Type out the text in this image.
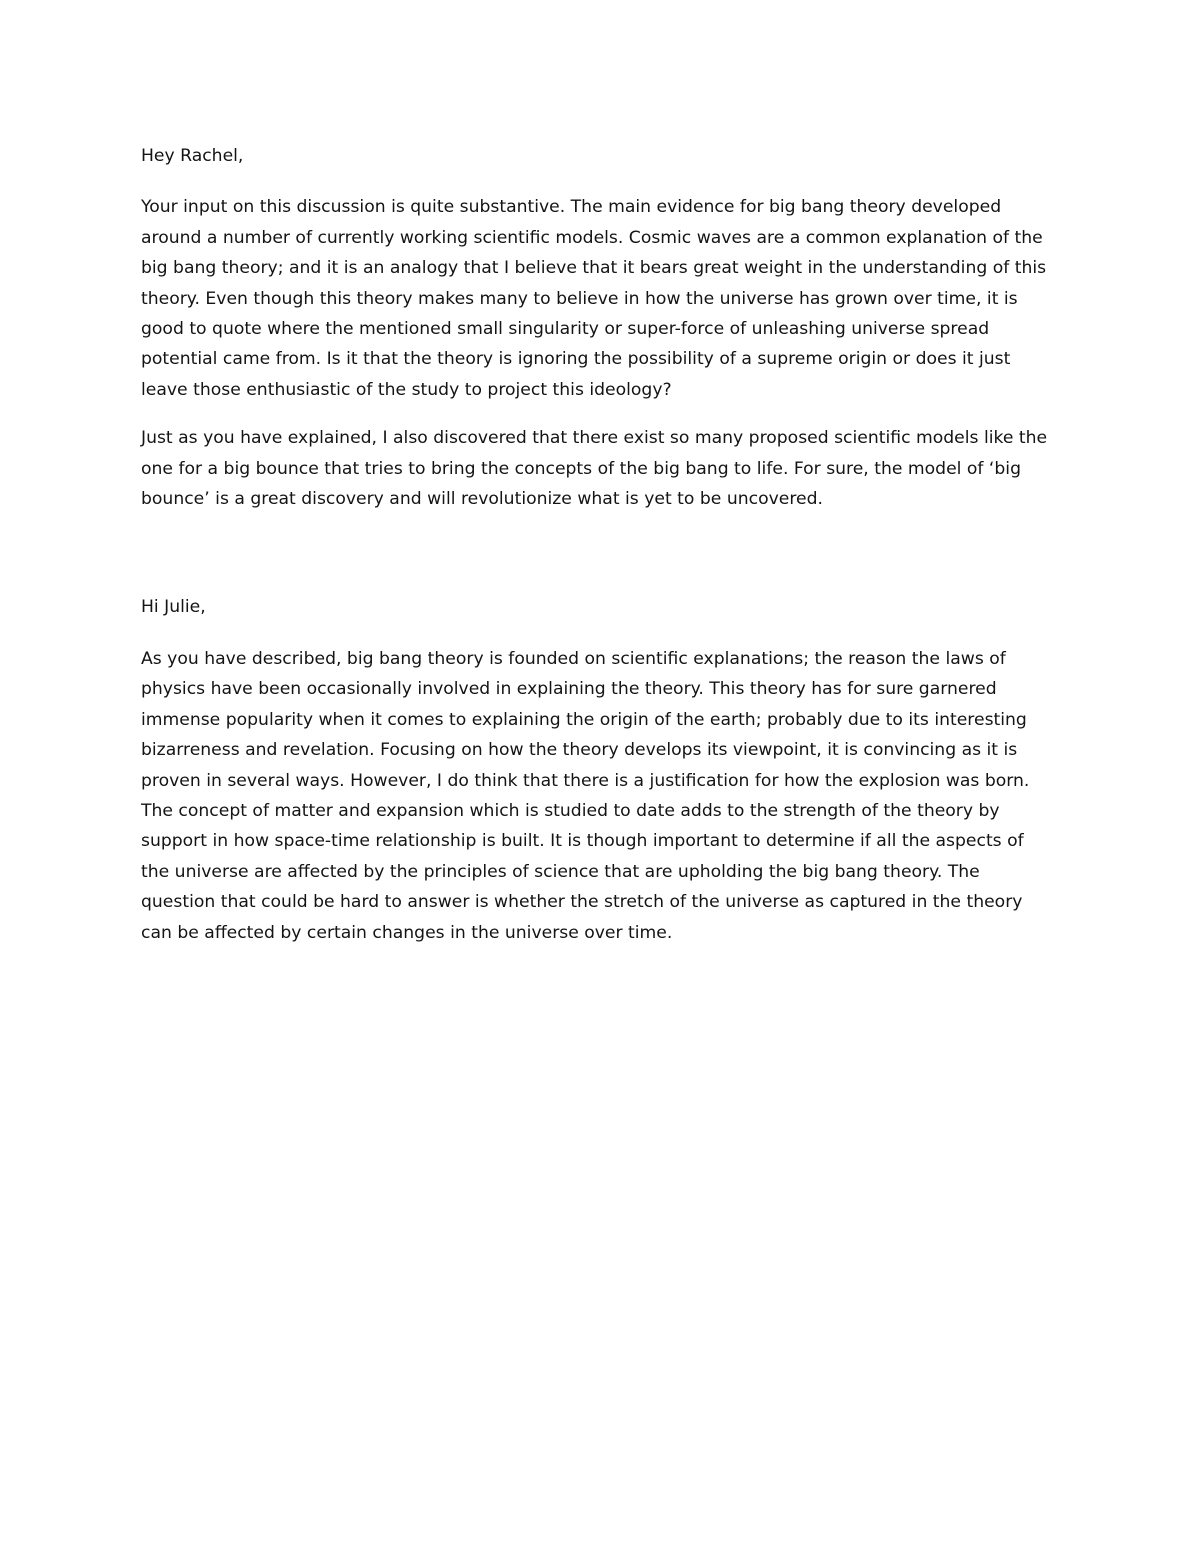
Hey Rachel,

Your input on this discussion is quite substantive. The main evidence for big bang theory developed around a number of currently working scientific models. Cosmic waves are a common explanation of the big bang theory; and it is an analogy that I believe that it bears great weight in the understanding of this theory. Even though this theory makes many to believe in how the universe has grown over time, it is good to quote where the mentioned small singularity or super-force of unleashing universe spread potential came from. Is it that the theory is ignoring the possibility of a supreme origin or does it just leave those enthusiastic of the study to project this ideology?

Just as you have explained, I also discovered that there exist so many proposed scientific models like the one for a big bounce that tries to bring the concepts of the big bang to life. For sure, the model of ‘big bounce’ is a great discovery and will revolutionize what is yet to be uncovered.

Hi Julie,

As you have described, big bang theory is founded on scientific explanations; the reason the laws of physics have been occasionally involved in explaining the theory. This theory has for sure garnered immense popularity when it comes to explaining the origin of the earth; probably due to its interesting bizarreness and revelation. Focusing on how the theory develops its viewpoint, it is convincing as it is proven in several ways. However, I do think that there is a justification for how the explosion was born. The concept of matter and expansion which is studied to date adds to the strength of the theory by support in how space-time relationship is built. It is though important to determine if all the aspects of the universe are affected by the principles of science that are upholding the big bang theory. The question that could be hard to answer is whether the stretch of the universe as captured in the theory can be affected by certain changes in the universe over time.
